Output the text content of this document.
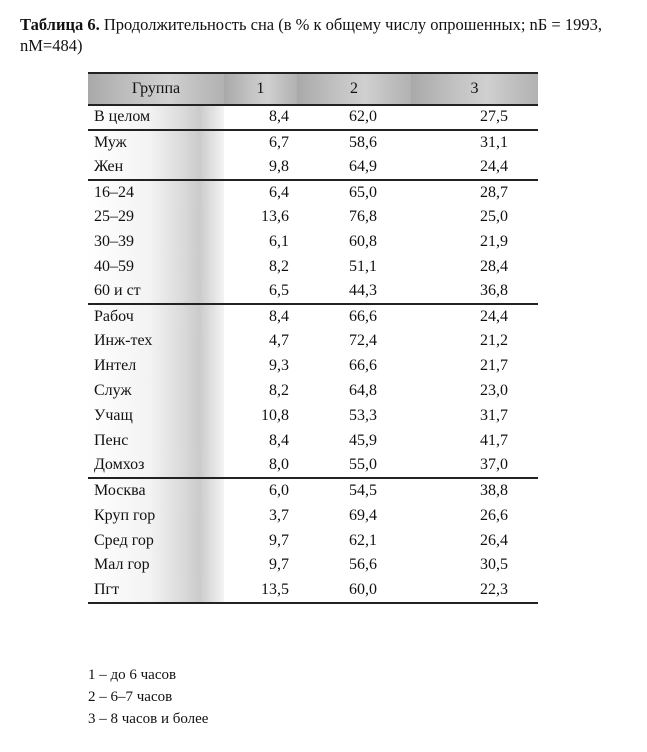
Таблица 6. Продолжительность сна (в % к общему числу опрошенных; nБ = 1993, nМ=484)
Группа	1	2	3
В целом	8,4	62,0	27,5
Муж	6,7	58,6	31,1
Жен	9,8	64,9	24,4
16–24	6,4	65,0	28,7
25–29	13,6	76,8	25,0
30–39	6,1	60,8	21,9
40–59	8,2	51,1	28,4
60 и ст	6,5	44,3	36,8
Рабоч	8,4	66,6	24,4
Инж-тех	4,7	72,4	21,2
Интел	9,3	66,6	21,7
Служ	8,2	64,8	23,0
Учащ	10,8	53,3	31,7
Пенс	8,4	45,9	41,7
Домхоз	8,0	55,0	37,0
Москва	6,0	54,5	38,8
Круп гор	3,7	69,4	26,6
Сред гор	9,7	62,1	26,4
Мал гор	9,7	56,6	30,5
Пгт	13,5	60,0	22,3
1 – до 6 часов
2 – 6–7 часов
3 – 8 часов и более
